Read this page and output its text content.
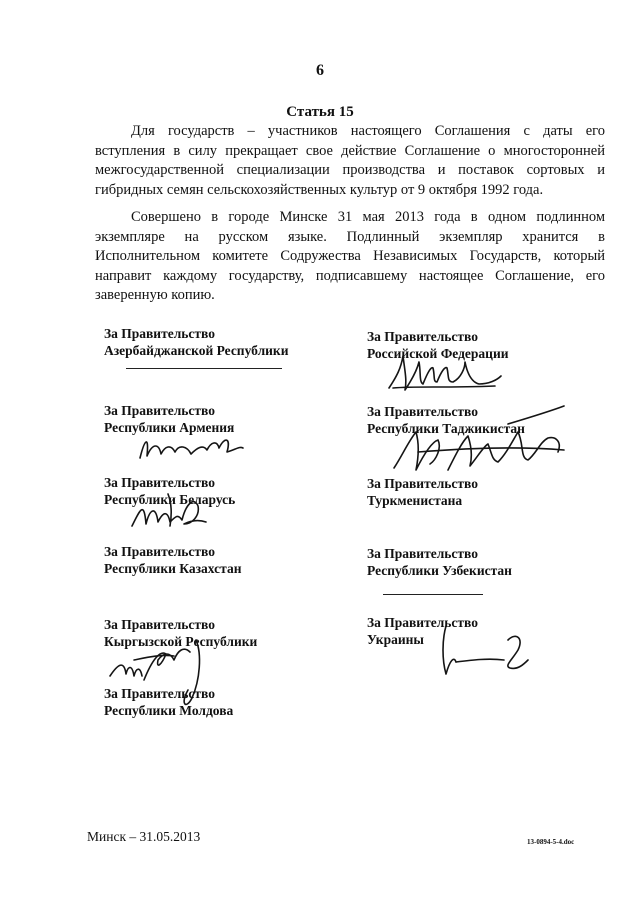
6
Статья 15
Для государств – участников настоящего Соглашения с даты его
вступления в силу прекращает свое действие Соглашение о многосторонней
межгосударственной специализации производства и поставок сортовых и
гибридных семян сельскохозяйственных культур от 9 октября 1992 года.
Совершено в городе Минске 31 мая 2013 года в одном подлинном
экземпляре на русском языке. Подлинный экземпляр хранится в
Исполнительном комитете Содружества Независимых Государств, который
направит каждому государству, подписавшему настоящее Соглашение, его
заверенную копию.
За Правительство
Азербайджанской Республики
За Правительство
Республики Армения
За Правительство
Республики Беларусь
За Правительство
Республики Казахстан
За Правительство
Кыргызской Республики
За Правительство
Республики Молдова
За Правительство
Российской Федерации
За Правительство
Республики Таджикистан
За Правительство
Туркменистана
За Правительство
Республики Узбекистан
За Правительство
Украины
Минск – 31.05.2013	13-0894-5-4.doc
